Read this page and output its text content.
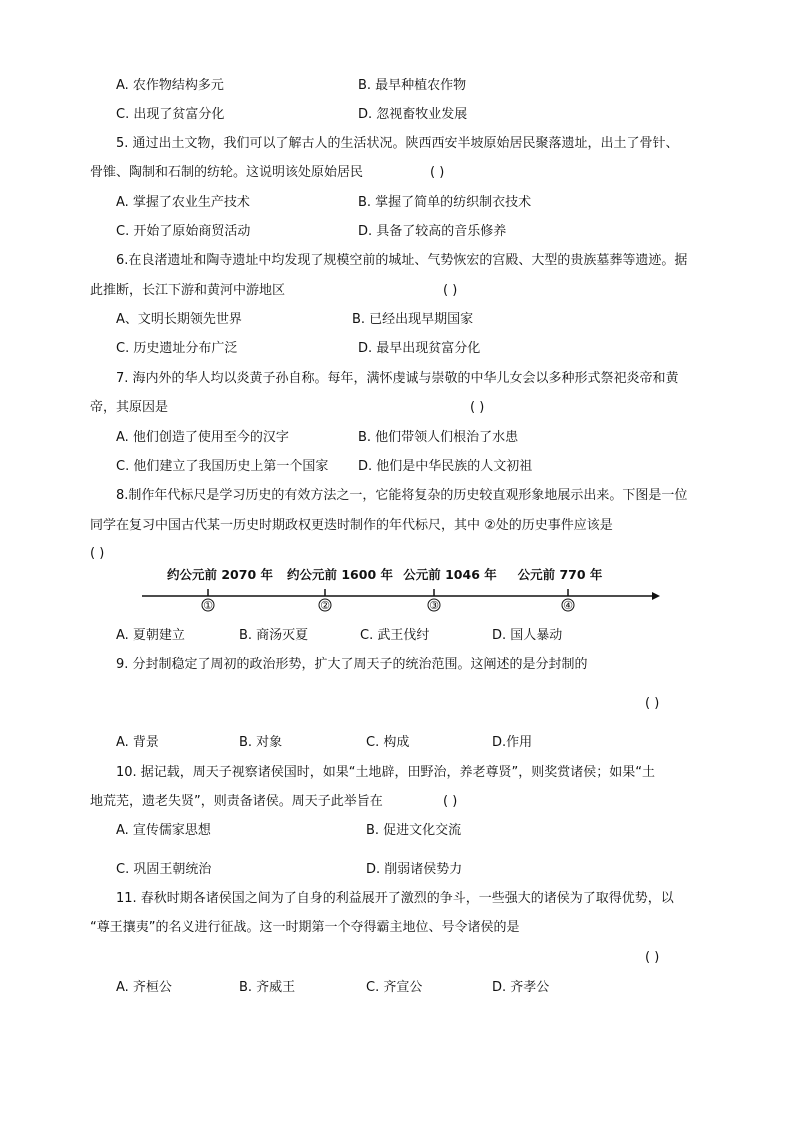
A. 农作物结构多元	B. 最早种植农作物
C. 出现了贫富分化	D. 忽视畜牧业发展
5. 通过出土文物，我们可以了解古人的生活状况。陕西西安半坡原始居民聚落遗址，出土了骨针、
骨锥、陶制和石制的纺轮。这说明该处原始居民	( )
A. 掌握了农业生产技术	B. 掌握了简单的纺织制衣技术
C. 开始了原始商贸活动	D. 具备了较高的音乐修养
6.在良渚遗址和陶寺遗址中均发现了规模空前的城址、气势恢宏的宫殿、大型的贵族墓葬等遗迹。据
此推断，长江下游和黄河中游地区	( )
A、文明长期领先世界	B. 已经出现早期国家
C. 历史遗址分布广泛	D. 最早出现贫富分化
7. 海内外的华人均以炎黄子孙自称。每年，满怀虔诚与崇敬的中华儿女会以多种形式祭祀炎帝和黄
帝，其原因是	( )
A. 他们创造了使用至今的汉字	B. 他们带领人们根治了水患
C. 他们建立了我国历史上第一个国家 D. 他们是中华民族的人文初祖
8.制作年代标尺是学习历史的有效方法之一，它能将复杂的历史较直观形象地展示出来。下图是一位
同学在复习中国古代某一历史时期政权更迭时制作的年代标尺，其中 ②处的历史事件应该是
( )
约公元前 2070 年
①
约公元前 1600 年
②
公元前 1046 年
③
公元前 770 年
④
A. 夏朝建立	B. 商汤灭夏	C. 武王伐纣	D. 国人暴动
9. 分封制稳定了周初的政治形势，扩大了周天子的统治范围。这阐述的是分封制的
( )
A. 背景	B. 对象	C. 构成	D.作用
10. 据记载，周天子视察诸侯国时，如果“土地辟，田野治，养老尊贤”，则奖赏诸侯；如果“土
地荒芜，遗老失贤”，则责备诸侯。周天子此举旨在	( )
A. 宣传儒家思想	B. 促进文化交流
C. 巩固王朝统治	D. 削弱诸侯势力
11. 春秋时期各诸侯国之间为了自身的利益展开了激烈的争斗，一些强大的诸侯为了取得优势，以
“尊王攘夷”的名义进行征战。这一时期第一个夺得霸主地位、号令诸侯的是
( )
A. 齐桓公	B. 齐威王	C. 齐宣公	D. 齐孝公
